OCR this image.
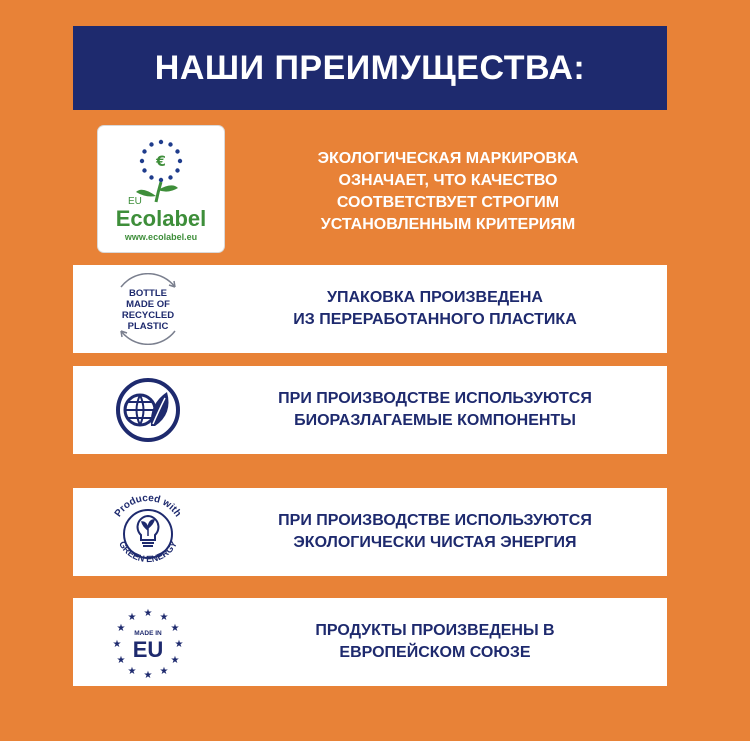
НАШИ ПРЕИМУЩЕСТВА:
€
EU
Ecolabel
www.ecolabel.eu
ЭКОЛОГИЧЕСКАЯ МАРКИРОВКА ОЗНАЧАЕТ, ЧТО КАЧЕСТВО СООТВЕТСТВУЕТ СТРОГИМ УСТАНОВЛЕННЫМ КРИТЕРИЯМ
BOTTLE
MADE OF
RECYCLED
PLASTIC
УПАКОВКА ПРОИЗВЕДЕНА
ИЗ ПЕРЕРАБОТАННОГО ПЛАСТИКА
ПРИ ПРОИЗВОДСТВЕ ИСПОЛЬЗУЮТСЯ
БИОРАЗЛАГАЕМЫЕ КОМПОНЕНТЫ
Produced with
GREEN ENERGY
ПРИ ПРОИЗВОДСТВЕ ИСПОЛЬЗУЮТСЯ
ЭКОЛОГИЧЕСКИ ЧИСТАЯ ЭНЕРГИЯ
★ ★
★
★
★
★
★
★
★
★
★
★
MADE IN
EU
ПРОДУКТЫ ПРОИЗВЕДЕНЫ В
ЕВРОПЕЙСКОМ СОЮЗЕ
